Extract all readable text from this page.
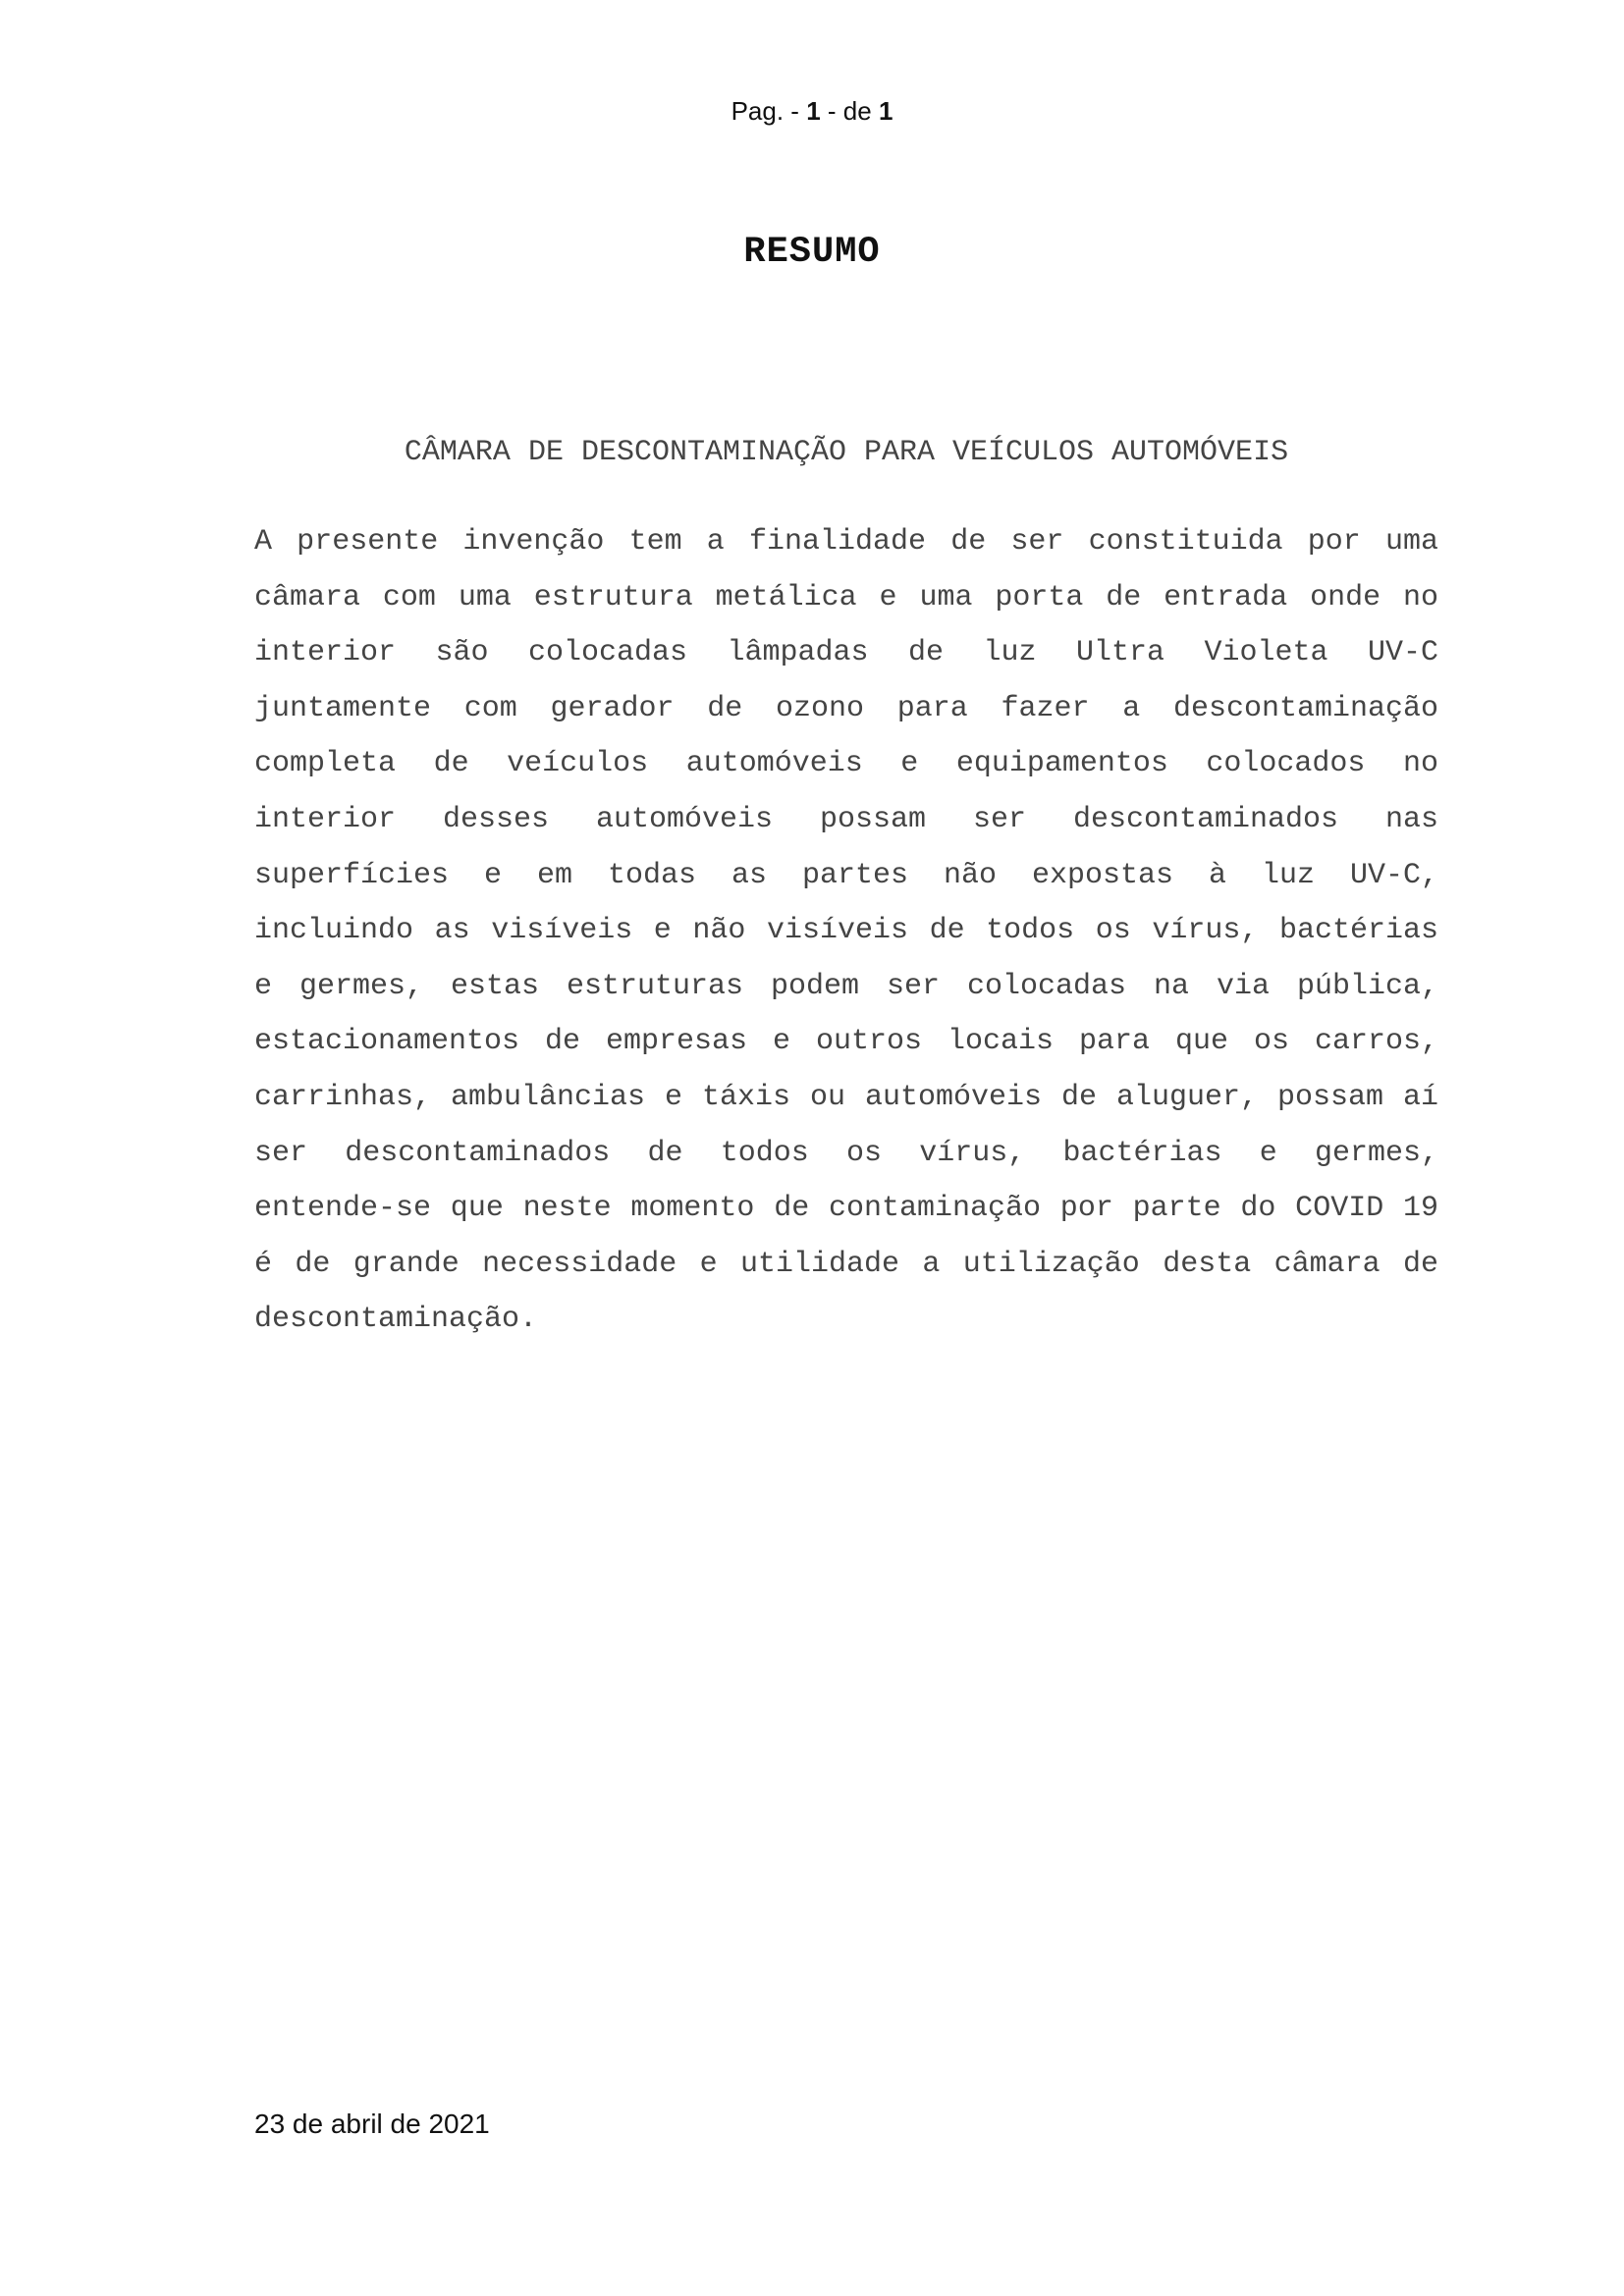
Pag. - 1 - de 1
RESUMO
CÂMARA DE DESCONTAMINAÇÃO PARA VEÍCULOS AUTOMÓVEIS

A presente invenção tem a finalidade de ser constituida por uma câmara com uma estrutura metálica e uma porta de entrada onde no interior são colocadas lâmpadas de luz Ultra Violeta UV-C juntamente com gerador de ozono para fazer a descontaminação completa de veículos automóveis e equipamentos colocados no interior desses automóveis possam ser descontaminados nas superfícies e em todas as partes não expostas à luz UV-C, incluindo as visíveis e não visíveis de todos os vírus, bactérias e germes, estas estruturas podem ser colocadas na via pública, estacionamentos de empresas e outros locais para que os carros, carrinhas, ambulâncias e táxis ou automóveis de aluguer, possam aí ser descontaminados de todos os vírus, bactérias e germes, entende-se que neste momento de contaminação por parte do COVID 19 é de grande necessidade e utilidade a utilização desta câmara de descontaminação.

23 de abril de 2021
